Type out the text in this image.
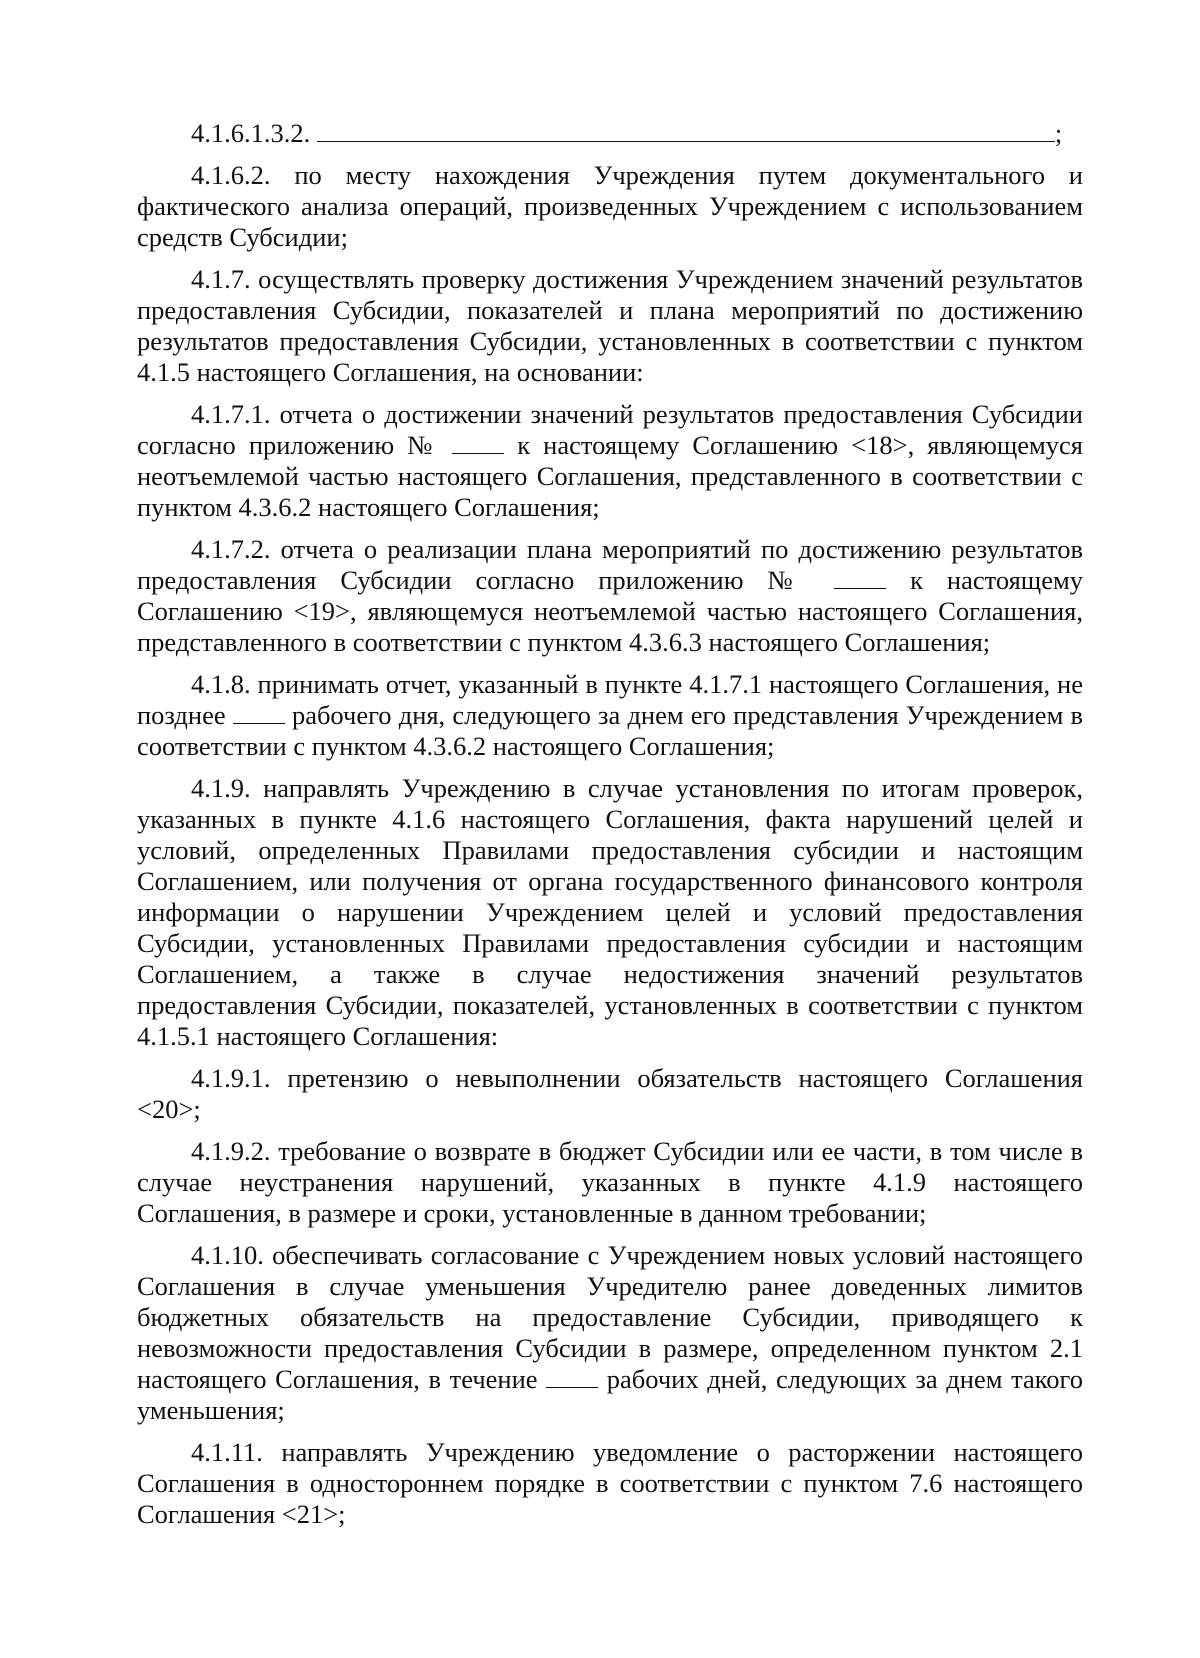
4.1.6.1.3.2.	;

4.1.6.2. по месту нахождения Учреждения путем документального и фактического анализа операций, произведенных Учреждением с использованием средств Субсидии;

4.1.7. осуществлять проверку достижения Учреждением значений результатов предоставления Субсидии, показателей и плана мероприятий по достижению результатов предоставления Субсидии, установленных в соответствии с пунктом 4.1.5 настоящего Соглашения, на основании:

4.1.7.1. отчета о достижении значений результатов предоставления Субсидии согласно приложению №  к настоящему Соглашению <18>, являющемуся неотъемлемой частью настоящего Соглашения, представленного в соответствии с пунктом 4.3.6.2 настоящего Соглашения;

4.1.7.2. отчета о реализации плана мероприятий по достижению результатов предоставления Субсидии согласно приложению №  к настоящему Соглашению <19>, являющемуся неотъемлемой частью настоящего Соглашения, представленного в соответствии с пунктом 4.3.6.3 настоящего Соглашения;

4.1.8. принимать отчет, указанный в пункте 4.1.7.1 настоящего Соглашения, не позднее  рабочего дня, следующего за днем его представления Учреждением в соответствии с пунктом 4.3.6.2 настоящего Соглашения;

4.1.9. направлять Учреждению в случае установления по итогам проверок, указанных в пункте 4.1.6 настоящего Соглашения, факта нарушений целей и условий, определенных Правилами предоставления субсидии и настоящим Соглашением, или получения от органа государственного финансового контроля информации о нарушении Учреждением целей и условий предоставления Субсидии, установленных Правилами предоставления субсидии и настоящим Соглашением, а также в случае недостижения значений результатов предоставления Субсидии, показателей, установленных в соответствии с пунктом 4.1.5.1 настоящего Соглашения:

4.1.9.1. претензию о невыполнении обязательств настоящего Соглашения <20>;

4.1.9.2. требование о возврате в бюджет Субсидии или ее части, в том числе в случае неустранения нарушений, указанных в пункте 4.1.9 настоящего Соглашения, в размере и сроки, установленные в данном требовании;

4.1.10. обеспечивать согласование с Учреждением новых условий настоящего Соглашения в случае уменьшения Учредителю ранее доведенных лимитов бюджетных обязательств на предоставление Субсидии, приводящего к невозможности предоставления Субсидии в размере, определенном пунктом 2.1 настоящего Соглашения, в течение  рабочих дней, следующих за днем такого уменьшения;

4.1.11. направлять Учреждению уведомление о расторжении настоящего Соглашения в одностороннем порядке в соответствии с пунктом 7.6 настоящего Соглашения <21>;
